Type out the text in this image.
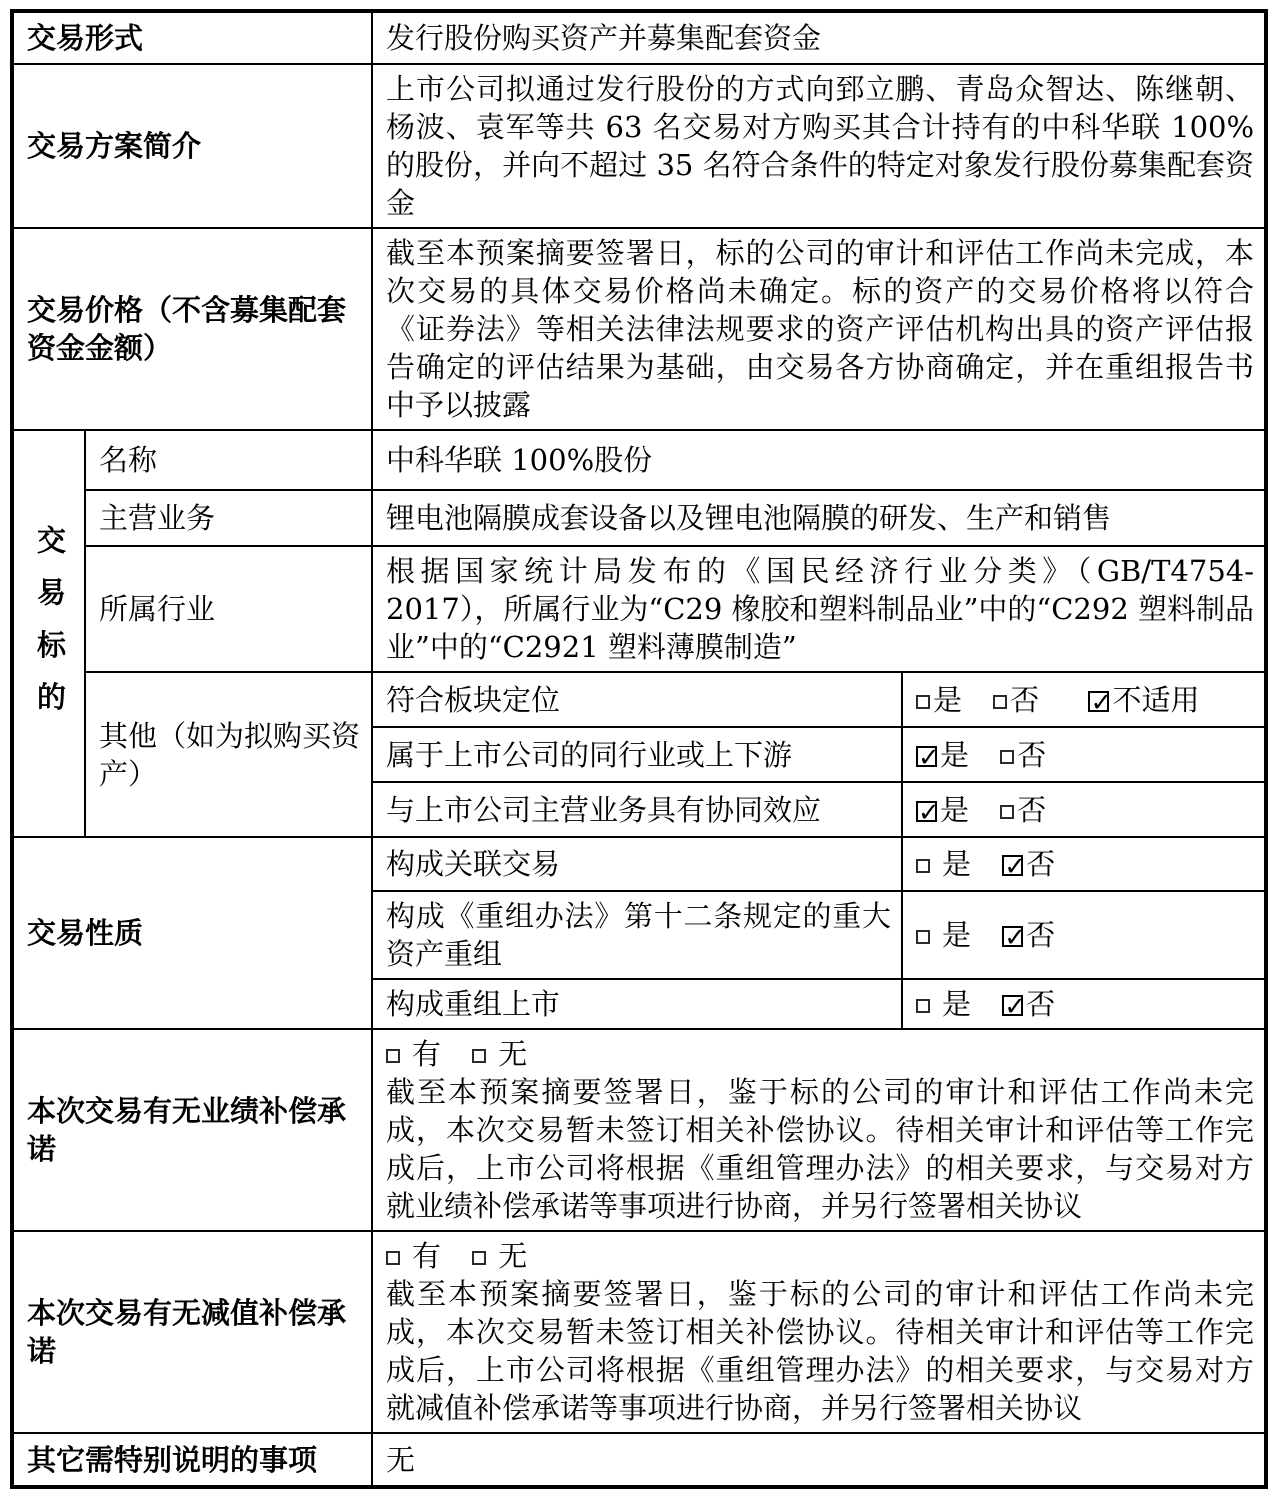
交易形式		发行股份购买资产并募集配套资金	
交易方案简介		上市公司拟通过发行股份的方式向郅立鹏、青岛众智达、陈继朝、杨波、袁军等共 63 名交易对方购买其合计持有的中科华联 100%的股份，并向不超过 35 名符合条件的特定对象发行股份募集配套资金	
交易价格（不含募集配套资金金额）		截至本预案摘要签署日，标的公司的审计和评估工作尚未完成，本次交易的具体交易价格尚未确定。标的资产的交易价格将以符合《证券法》等相关法律法规要求的资产评估机构出具的资产评估报告确定的评估结果为基础，由交易各方协商确定，并在重组报告书中予以披露	
交易标的	名称	中科华联 100%股份	
	主营业务	锂电池隔膜成套设备以及锂电池隔膜的研发、生产和销售	
	所属行业	根据国家统计局发布的《国民经济行业分类》（GB/T4754-2017），所属行业为“C29 橡胶和塑料制品业”中的“C292 塑料制品业”中的“C2921 塑料薄膜制造”	
	其他（如为拟购买资产）	符合板块定位	是 否 ✓ 不适用
		属于上市公司的同行业或上下游	✓是 否
		与上市公司主营业务具有协同效应	✓是 否
交易性质		构成关联交易	是 ✓ 否
		构成《重组办法》第十二条规定的重大资产重组	是 ✓ 否
		构成重组上市	是 ✓ 否
本次交易有无业绩补偿承诺		有 无
截至本预案摘要签署日，鉴于标的公司的审计和评估工作尚未完成，本次交易暂未签订相关补偿协议。待相关审计和评估等工作完成后，上市公司将根据《重组管理办法》的相关要求，与交易对方就业绩补偿承诺等事项进行协商，并另行签署相关协议	

本次交易有无减值补偿承诺		有 无
截至本预案摘要签署日，鉴于标的公司的审计和评估工作尚未完成，本次交易暂未签订相关补偿协议。待相关审计和评估等工作完成后，上市公司将根据《重组管理办法》的相关要求，与交易对方就减值补偿承诺等事项进行协商，并另行签署相关协议	

其它需特别说明的事项		无	
